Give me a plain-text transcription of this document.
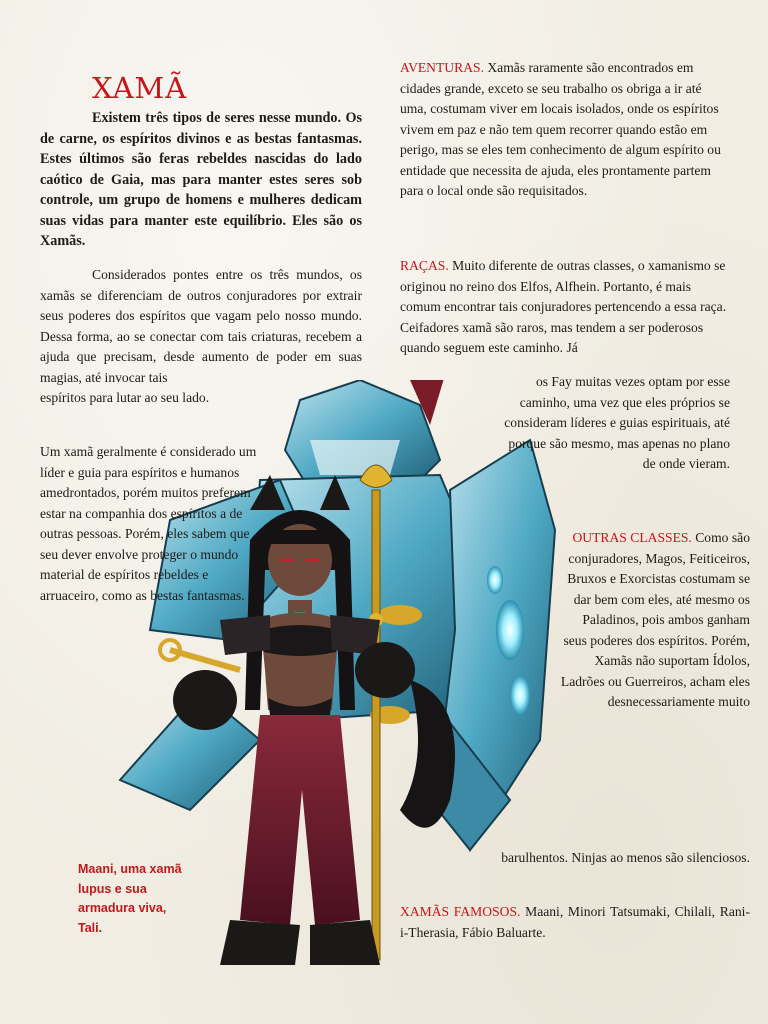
XAMÃ

Existem três tipos de seres nesse mundo. Os de carne, os espíritos divinos e as bestas fantasmas. Estes últimos são feras rebeldes nascidas do lado caótico de Gaia, mas para manter estes seres sob controle, um grupo de homens e mulheres dedicam suas vidas para manter este equilíbrio. Eles são os Xamãs.

Considerados pontes entre os três mundos, os xamãs se diferenciam de outros conjuradores por extrair seus poderes dos espíritos que vagam pelo nosso mundo. Dessa forma, ao se conectar com tais criaturas, recebem a ajuda que precisam, desde aumento de poder em suas magias, até invocar tais

espíritos para lutar ao seu lado.

Um xamã geralmente é considerado um líder e guia para espíritos e humanos amedrontados, porém muitos preferem estar na companhia dos espíritos a de outras pessoas. Porém, eles sabem que seu dever envolve proteger o mundo material de espíritos rebeldes e arruaceiro, como as bestas fantasmas.

Maani, uma xamã lupus e sua armadura viva, Tali.

AVENTURAS. Xamãs raramente são encontrados em cidades grande, exceto se seu trabalho os obriga a ir até uma, costumam viver em locais isolados, onde os espíritos vivem em paz e não tem quem recorrer quando estão em perigo, mas se eles tem conhecimento de algum espírito ou entidade que necessita de ajuda, eles prontamente partem para o local onde são requisitados.

RAÇAS. Muito diferente de outras classes, o xamanismo se originou no reino dos Elfos, Alfhein. Portanto, é mais comum encontrar tais conjuradores pertencendo a essa raça. Ceifadores xamã são raros, mas tendem a ser poderosos quando seguem este caminho. Já

os Fay muitas vezes optam por esse caminho, uma vez que eles próprios se consideram líderes e guias espirituais, até porque são mesmo, mas apenas no plano de onde vieram.

OUTRAS CLASSES. Como são conjuradores, Magos, Feiticeiros, Bruxos e Exorcistas costumam se dar bem com eles, até mesmo os Paladinos, pois ambos ganham seus poderes dos espíritos. Porém, Xamãs não suportam Ídolos, Ladrões ou Guerreiros, acham eles desnecessariamente muito

barulhentos. Ninjas ao menos são silenciosos.

XAMÃS FAMOSOS. Maani, Minori Tatsumaki, Chilali, Rani-i-Therasia, Fábio Baluarte.
